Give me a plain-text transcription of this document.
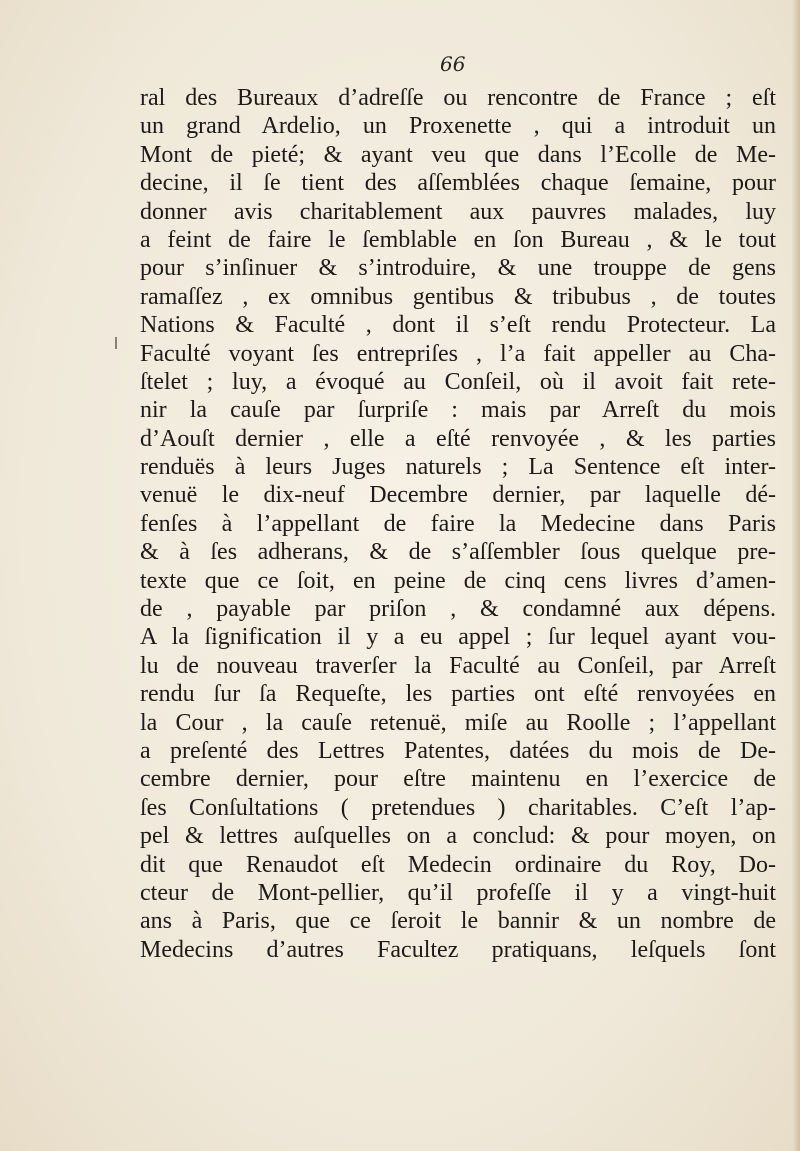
66
ral des Bureaux d’adreſſe ou rencontre de France ; eſt
un grand Ardelio, un Proxenette , qui a introduit un
Mont de pieté; & ayant veu que dans l’Ecolle de Me-
decine, il ſe tient des aſſemblées chaque ſemaine, pour
donner avis charitablement aux pauvres malades, luy
a feint de faire le ſemblable en ſon Bureau , & le tout
pour s’inſinuer & s’introduire, & une trouppe de gens
ramaſſez , ex omnibus gentibus & tribubus , de toutes
Nations & Faculté , dont il s’eſt rendu Protecteur. La
Faculté voyant ſes entrepriſes , l’a fait appeller au Cha-
ſtelet ; luy, a évoqué au Conſeil, où il avoit fait rete-
nir la cauſe par ſurpriſe : mais par Arreſt du mois
d’Aouſt dernier , elle a eſté renvoyée , & les parties
renduës à leurs Juges naturels ; La Sentence eſt inter-
venuë le dix-neuf Decembre dernier, par laquelle dé-
fenſes à l’appellant de faire la Medecine dans Paris
& à ſes adherans, & de s’aſſembler ſous quelque pre-
texte que ce ſoit, en peine de cinq cens livres d’amen-
de , payable par priſon , & condamné aux dépens.
A la ſignification il y a eu appel ; ſur lequel ayant vou-
lu de nouveau traverſer la Faculté au Conſeil, par Arreſt
rendu ſur ſa Requeſte, les parties ont eſté renvoyées en
la Cour , la cauſe retenuë, miſe au Roolle ; l’appellant
a preſenté des Lettres Patentes, datées du mois de De-
cembre dernier, pour eſtre maintenu en l’exercice de
ſes Conſultations ( pretendues ) charitables. C’eſt l’ap-
pel & lettres auſquelles on a conclud: & pour moyen, on
dit que Renaudot eſt Medecin ordinaire du Roy, Do-
cteur de Mont-pellier, qu’il profeſſe il y a vingt-huit
ans à Paris, que ce ſeroit le bannir & un nombre de
Medecins d’autres Facultez pratiquans, leſquels ſont
